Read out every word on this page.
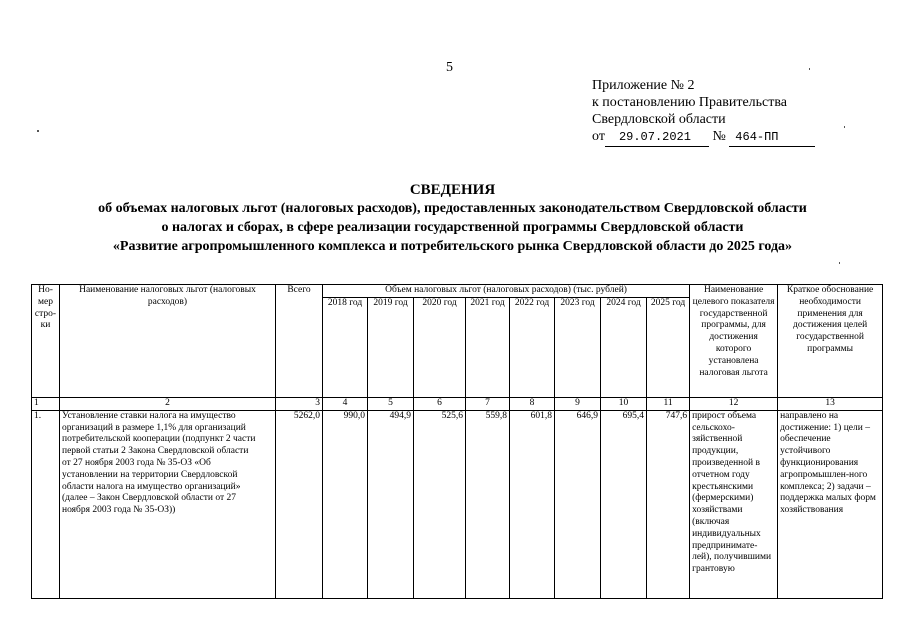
5
Приложение № 2
к постановлению Правительства
Свердловской области
от 29.07.2021 № 464-ПП
СВЕДЕНИЯ
об объемах налоговых льгот (налоговых расходов), предоставленных законодательством Свердловской области
о налогах и сборах, в сфере реализации государственной программы Свердловской области
«Развитие агропромышленного комплекса и потребительского рынка Свердловской области до 2025 года»
Но-мер стро-ки	Наименование налоговых льгот (налоговых расходов)	Всего	Объем налоговых льгот (налоговых расходов) (тыс. рублей)								Наименование целевого показателя государственной программы, для достижения которого установлена налоговая льгота	Краткое обоснование необходимости применения для достижения целей государственной программы
			2018 год	2019 год	2020 год	2021 год	2022 год	2023 год	2024 год	2025 год		
1	2	3	4	5	6	7	8	9	10	11	12	13
1.	Установление ставки налога на имущество организаций в размере 1,1% для организаций потребительской кооперации (подпункт 2 части первой статьи 2 Закона Свердловской области от 27 ноября 2003 года № 35-ОЗ «Об установлении на территории Свердловской области налога на имущество организаций» (далее – Закон Свердловской области от 27 ноября 2003 года № 35-ОЗ))	5262,0	990,0	494,9	525,6	559,8	601,8	646,9	695,4	747,6	прирост объема сельскохо-зяйственной продукции, произведенной в отчетном году крестьянскими (фермерскими) хозяйствами (включая индивидуальных предпринимате-лей), получившими грантовую	направлено на достижение: 1) цели – обеспечение устойчивого функционирования агропромышлен-ного комплекса; 2) задачи – поддержка малых форм хозяйствования
